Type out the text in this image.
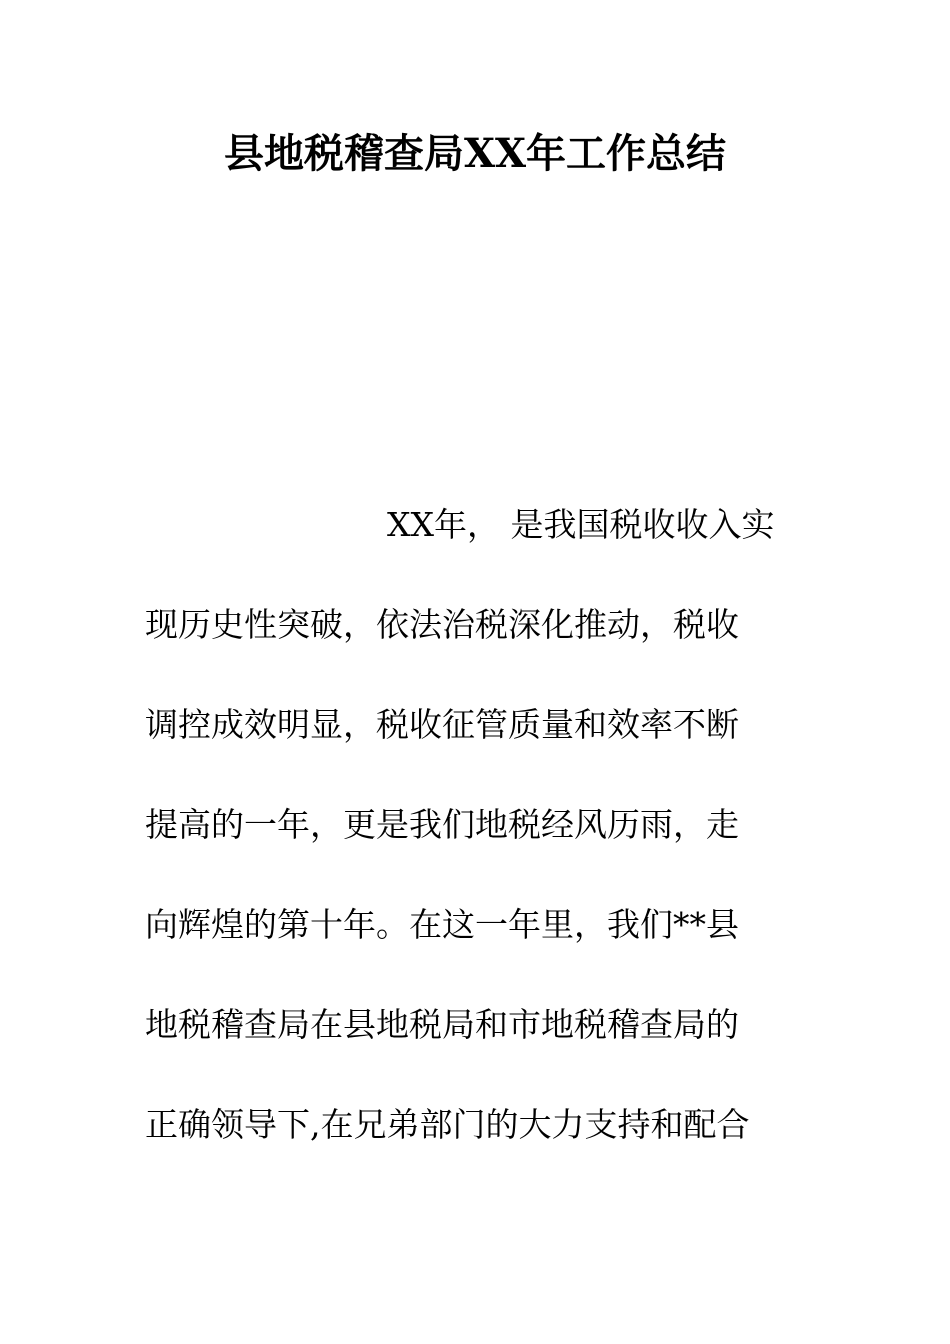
县地税稽查局XX年工作总结
XX年， 是我国税收收入实
现历史性突破，依法治税深化推动，税收
调控成效明显，税收征管质量和效率不断
提高的一年，更是我们地税经风历雨，走
向辉煌的第十年。在这一年里，我们**县
地税稽查局在县地税局和市地税稽查局的
正确领导下,在兄弟部门的大力支持和配合
